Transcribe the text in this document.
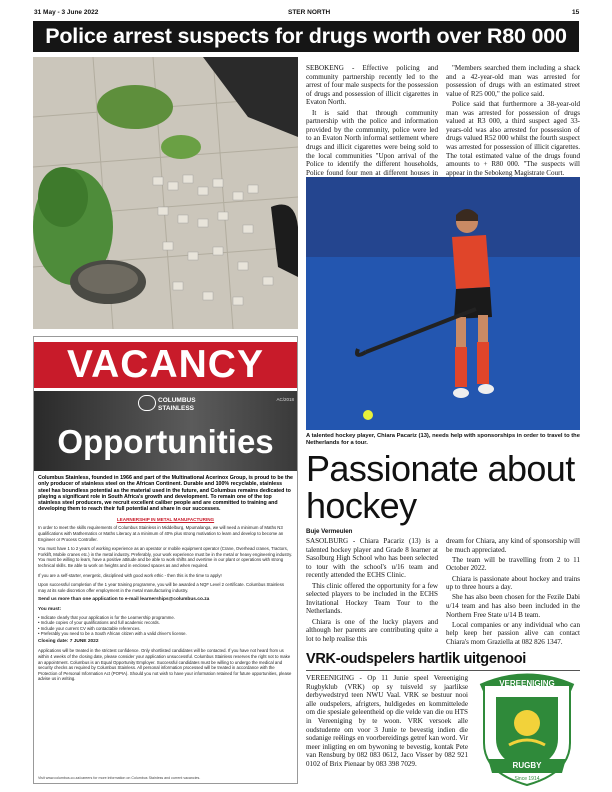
31 May - 3 June 2022	STER NORTH	15
Police arrest suspects for drugs worth over R80 000

SEBOKENG - Effective policing and community partnership recently led to the arrest of four male suspects for the possession of drugs and possession of illicit cigarettes in Evaton North.

It is said that through community partnership with the police and information provided by the community, police were led to an Evaton North informal settlement where drugs and illicit cigarettes were being sold to the local communities "Upon arrival of the Police to identify the different households, Police found four men at different houses in

"Members searched them including a shack and a 42-year-old man was arrested for possession of drugs with an estimated street value of R25 000," the police said.

Police said that furthermore a 38-year-old man was arrested for possession of drugs valued at R3 000, a third suspect aged 33-years-old was also arrested for possession of drugs valued R52 000 whilst the fourth suspect was arrested for possession of illicit cigarettes. The total estimated value of the drugs found amounts to + R80 000. "The suspects will appear in the Sebokeng Magistrate Court.

VACANCY
COLUMBUS
STAINLESS
AC/2018
Opportunities

Columbus Stainless, founded in 1966 and part of the Multinational Acerinox Group, is proud to be the only producer of stainless steel on the African Continent. Durable and 100% recyclable, stainless steel has boundless potential as the material used in the future, and Columbus remains dedicated to playing a significant role in South Africa's growth and development. To remain one of the top stainless steel producers, we recruit excellent caliber people and are committed to training and developing them to reach their full potential and share in our successes.

LEARNERSHIP IN METAL MANUFACTURING

In order to meet the skills requirements of Columbus Stainless in Middelburg, Mpumalanga, we will need a minimum of Maths N3 qualifications with Mathematics or Maths Literacy at a minimum of 40% plus strong motivation to learn and develop to become an Engineer or Process Controller.

You must have 1 to 2 years of working experience as an operator or mobile equipment operator (Crane, Overhead cranes, Tractors, Forklift, Mobile cranes etc.) in the metal industry. Preferably, your work experience must be in the metal or heavy engineering industry. You must be willing to learn, have a positive attitude and be able to work shifts and overtime in our plant or operations with strong technical skills. Be able to work on heights and in enclosed spaces as and when required.

If you are a self-starter, energetic, disciplined with good work ethic - then this is the time to apply!

Upon successful completion of the 1 year training programme, you will be awarded a NQF Level 2 certificate. Columbus Stainless may at its sole discretion offer employment in the metal manufacturing industry.

Send us more than one application to e-mail learnerships@columbus.co.za

You must:

• Indicate clearly that your application is for the Learnership programme.
• Include copies of your qualifications and full academic records.
• Include your current CV with contactable references.
• Preferably you need to be a South African citizen with a valid driver's license.

Closing date: 7 JUNE 2022

Applications will be treated in the strictest confidence. Only shortlisted candidates will be contacted. If you have not heard from us within 4 weeks of the closing date, please consider your application unsuccessful. Columbus Stainless reserves the right not to make an appointment. Columbus is an Equal Opportunity Employer. Successful candidates must be willing to undergo the medical and security checks as required by Columbus Stainless. All personal information processed will be treated in accordance with the Protection of Personal Information Act (POPIA). Should you not wish to have your information retained for future opportunities, please advise us in writing.

Visit www.columbus.co.za/careers for more information on Columbus Stainless and current vacancies.
A talented hockey player, Chiara Pacariz (13), needs help with sponsorships in order to travel to the Netherlands for a tour.
Passionate about hockey
Buje Vermeulen

SASOLBURG - Chiara Pacariz (13) is a talented hockey player and Grade 8 learner at Sasolburg High School who has been selected to tour with the school's u/16 team and recently attended the ECHS Clinic.

This clinic offered the opportunity for a few selected players to be included in the ECHS Invitational Hockey Team Tour to the Netherlands.

Chiara is one of the lucky players and although her parents are contributing quite a lot to help realise this

dream for Chiara, any kind of sponsorship will be much appreciated.

The team will be travelling from 2 to 11 October 2022.

Chiara is passionate about hockey and trains up to three hours a day.

She has also been chosen for the Fezile Dabi u/14 team and has also been included in the Northern Free State u/14 B team.

Local companies or any individual who can help keep her passion alive can contact Chiara's mom Graziella at 082 826 1347.

VRK-oudspelers hartlik uitgenooi

VEREENIGING - Op 11 Junie speel Vereeniging Rugbyklub (VRK) op sy tuisveld sy jaarlikse derbywedstryd teen NWU Vaal. VRK se bestuur nooi alle oudspelers, afrigters, huldigedes en kommittelede om die spesiale geleentheid op die velde van die ou HTS in Vereeniging by te woon. VRK versoek alle oudstudente om voor 3 Junie te bevestig indien die sodanige reëlings en voorbereidings getref kan word. Vir meer inligting en om bywoning te bevestig, kontak Pete van Rensburg by 082 083 0612, Jaco Visser by 082 921 0102 of Brix Pienaar by 083 398 7029.

VEREENIGING
RUGBY
Since 1914
